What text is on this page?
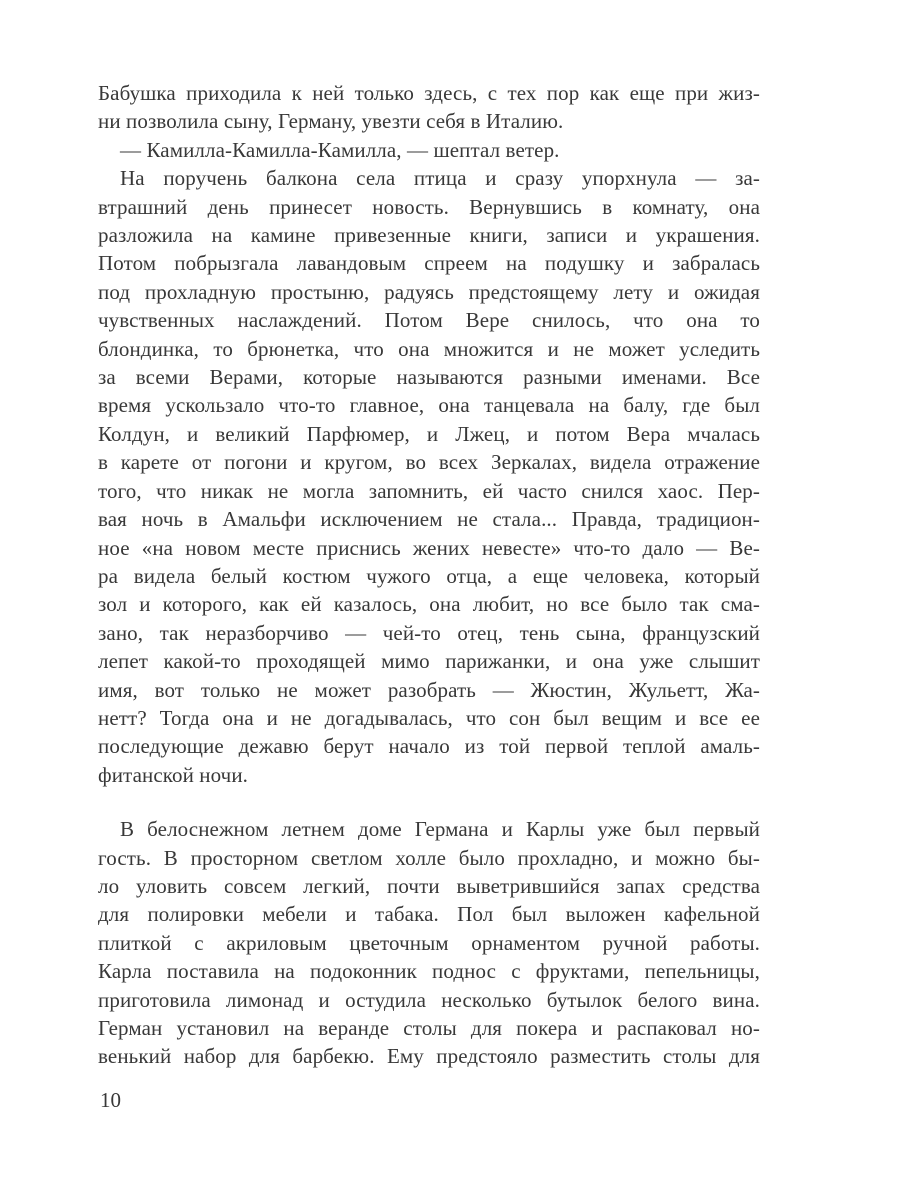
Бабушка приходила к ней только здесь, с тех пор как еще при жиз-
ни позволила сыну, Герману, увезти себя в Италию.
— Камилла-Камилла-Камилла, — шептал ветер.
На поручень балкона села птица и сразу упорхнула — за-
втрашний день принесет новость. Вернувшись в комнату, она
разложила на камине привезенные книги, записи и украшения.
Потом побрызгала лавандовым спреем на подушку и забралась
под прохладную простыню, радуясь предстоящему лету и ожидая
чувственных наслаждений. Потом Вере снилось, что она то
блондинка, то брюнетка, что она множится и не может уследить
за всеми Верами, которые называются разными именами. Все
время ускользало что-то главное, она танцевала на балу, где был
Колдун, и великий Парфюмер, и Лжец, и потом Вера мчалась
в карете от погони и кругом, во всех Зеркалах, видела отражение
того, что никак не могла запомнить, ей часто снился хаос. Пер-
вая ночь в Амальфи исключением не стала... Правда, традицион-
ное «на новом месте приснись жених невесте» что-то дало — Ве-
ра видела белый костюм чужого отца, а еще человека, который
зол и которого, как ей казалось, она любит, но все было так сма-
зано, так неразборчиво — чей-то отец, тень сына, французский
лепет какой-то проходящей мимо парижанки, и она уже слышит
имя, вот только не может разобрать — Жюстин, Жульетт, Жа-
нетт? Тогда она и не догадывалась, что сон был вещим и все ее
последующие дежавю берут начало из той первой теплой амаль-
фитанской ночи.
В белоснежном летнем доме Германа и Карлы уже был первый
гость. В просторном светлом холле было прохладно, и можно бы-
ло уловить совсем легкий, почти выветрившийся запах средства
для полировки мебели и табака. Пол был выложен кафельной
плиткой с акриловым цветочным орнаментом ручной работы.
Карла поставила на подоконник поднос с фруктами, пепельницы,
приготовила лимонад и остудила несколько бутылок белого вина.
Герман установил на веранде столы для покера и распаковал но-
венький набор для барбекю. Ему предстояло разместить столы для
10
